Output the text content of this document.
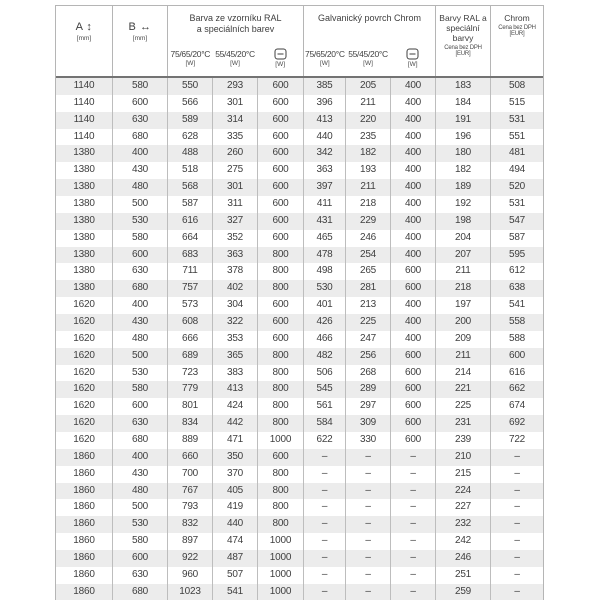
A ↕
[mm]
B ↔
[mm]
Barva ze vzorníku RAL
a speciálních barev
75/65/20°C
[W]
55/45/20°C
[W]	[W]
Galvanický povrch Chrom
75/65/20°C
[W]
55/45/20°C
[W]	[W]
Barvy RAL a
speciální barvy
Cena bez DPH [EUR]
Chrom
Cena bez DPH [EUR]
1140	580	550	293	600	385	205	400	183	508
1140	600	566	301	600	396	211	400	184	515
1140	630	589	314	600	413	220	400	191	531
1140	680	628	335	600	440	235	400	196	551
1380	400	488	260	600	342	182	400	180	481
1380	430	518	275	600	363	193	400	182	494
1380	480	568	301	600	397	211	400	189	520
1380	500	587	311	600	411	218	400	192	531
1380	530	616	327	600	431	229	400	198	547
1380	580	664	352	600	465	246	400	204	587
1380	600	683	363	800	478	254	400	207	595
1380	630	711	378	800	498	265	600	211	612
1380	680	757	402	800	530	281	600	218	638
1620	400	573	304	600	401	213	400	197	541
1620	430	608	322	600	426	225	400	200	558
1620	480	666	353	600	466	247	400	209	588
1620	500	689	365	800	482	256	600	211	600
1620	530	723	383	800	506	268	600	214	616
1620	580	779	413	800	545	289	600	221	662
1620	600	801	424	800	561	297	600	225	674
1620	630	834	442	800	584	309	600	231	692
1620	680	889	471	1000	622	330	600	239	722
1860	400	660	350	600	–	–	–	210	–
1860	430	700	370	800	–	–	–	215	–
1860	480	767	405	800	–	–	–	224	–
1860	500	793	419	800	–	–	–	227	–
1860	530	832	440	800	–	–	–	232	–
1860	580	897	474	1000	–	–	–	242	–
1860	600	922	487	1000	–	–	–	246	–
1860	630	960	507	1000	–	–	–	251	–
1860	680	1023	541	1000	–	–	–	259	–
